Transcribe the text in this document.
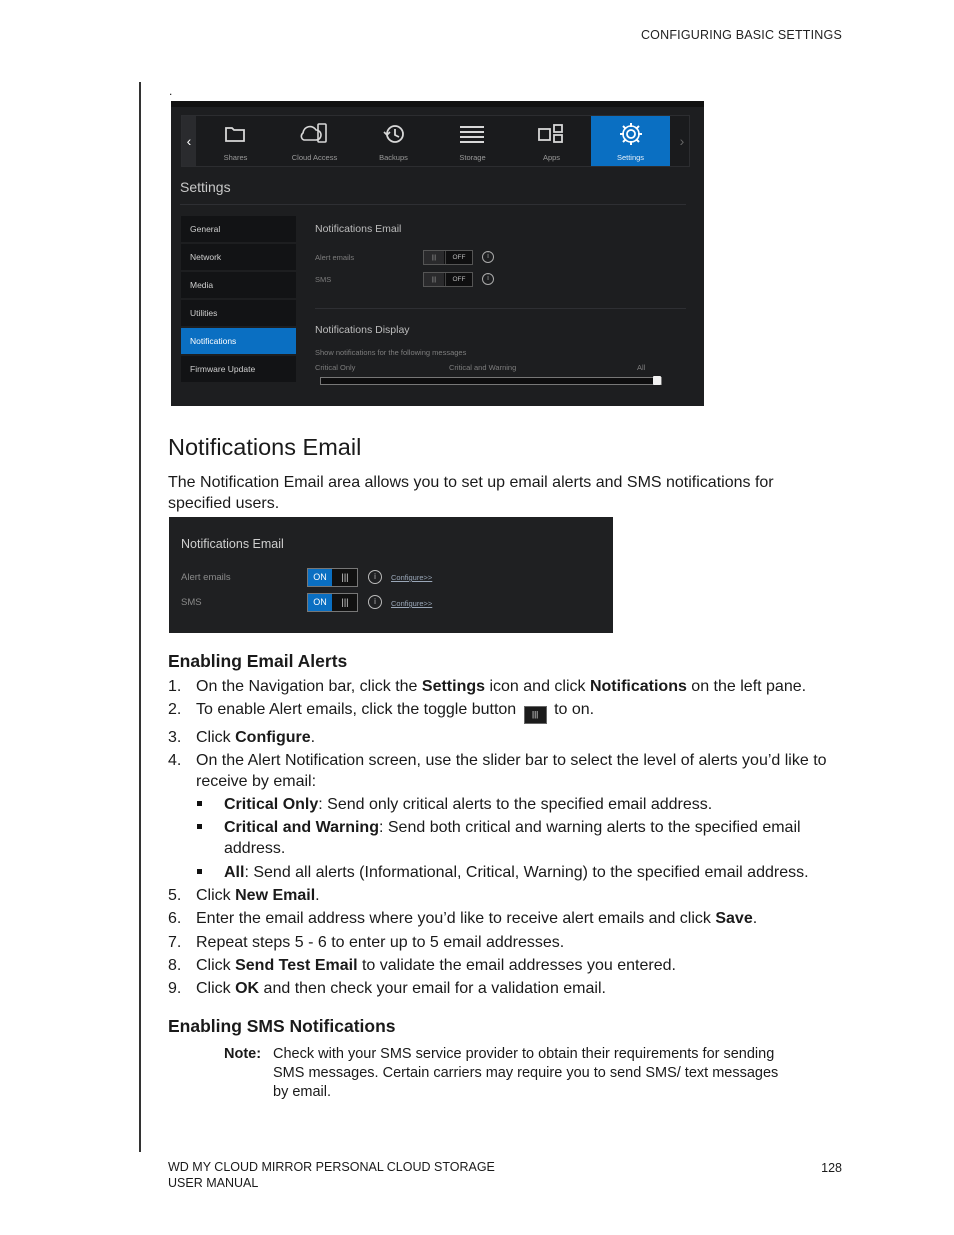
CONFIGURING BASIC SETTINGS
.
‹
Shares	Cloud Access	Backups	Storage	Apps	Settings
›
Settings
General
Network
Media
Utilities
Notifications
Firmware Update
Notifications Email
Alert emails	|||	OFF	i
SMS	|||	OFF	i
Notifications Display
Show notifications for the following messages
Critical Only	Critical and Warning	All
Notifications Email
The Notification Email area allows you to set up email alerts and SMS notifications for specified users.
Notifications Email
Alert emails	ON	|||	i	Configure>>
SMS	ON	|||	i	Configure>>
Enabling Email Alerts
1. On the Navigation bar, click the Settings icon and click Notifications on the left pane.
2. To enable Alert emails, click the toggle button ||| to on.
3. Click Configure.
4. On the Alert Notification screen, use the slider bar to select the level of alerts you’d like to receive by email:
Critical Only: Send only critical alerts to the specified email address.
Critical and Warning: Send both critical and warning alerts to the specified email address.
All: Send all alerts (Informational, Critical, Warning) to the specified email address.
5. Click New Email.
6. Enter the email address where you’d like to receive alert emails and click Save.
7. Repeat steps 5 - 6 to enter up to 5 email addresses.
8. Click Send Test Email to validate the email addresses you entered.
9. Click OK and then check your email for a validation email.
Enabling SMS Notifications
Note: Check with your SMS service provider to obtain their requirements for sending SMS messages. Certain carriers may require you to send SMS/ text messages by email.
WD MY CLOUD MIRROR PERSONAL CLOUD STORAGE
USER MANUAL
128
